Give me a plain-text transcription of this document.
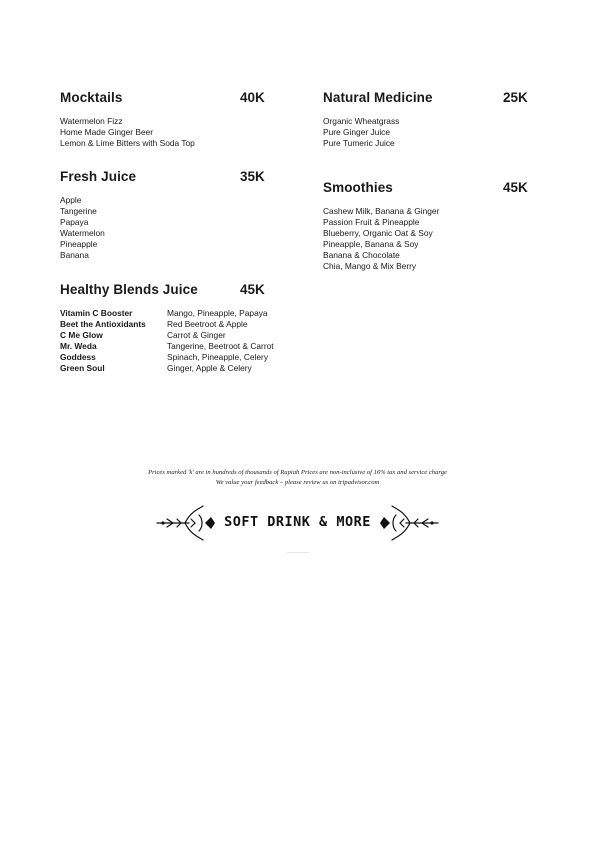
Mocktails	40K
Watermelon Fizz
Home Made Ginger Beer
Lemon & Lime Bitters with Soda Top
Fresh Juice	35K
Apple
Tangerine
Papaya
Watermelon
Pineapple
Banana
Healthy Blends Juice	45K
Vitamin C Booster	Mango, Pineapple, Papaya
Beet the Antioxidants	Red Beetroot & Apple
C Me Glow	Carrot & Ginger
Mr. Weda	Tangerine, Beetroot & Carrot
Goddess	Spinach, Pineapple, Celery
Green Soul	Ginger, Apple & Celery
Natural Medicine	25K
Organic Wheatgrass
Pure Ginger Juice
Pure Tumeric Juice
Smoothies	45K
Cashew Milk, Banana & Ginger
Passion Fruit & Pineapple
Blueberry, Organic Oat & Soy
Pineapple, Banana & Soy
Banana & Chocolate
Chia, Mango & Mix Berry
Prices marked 'k' are in hundreds of thousands of Rupiah Prices are non-inclusive of 16% tax and service charge
We value your feedback – please review us on tripadvisor.com
SOFT DRINK & MORE
